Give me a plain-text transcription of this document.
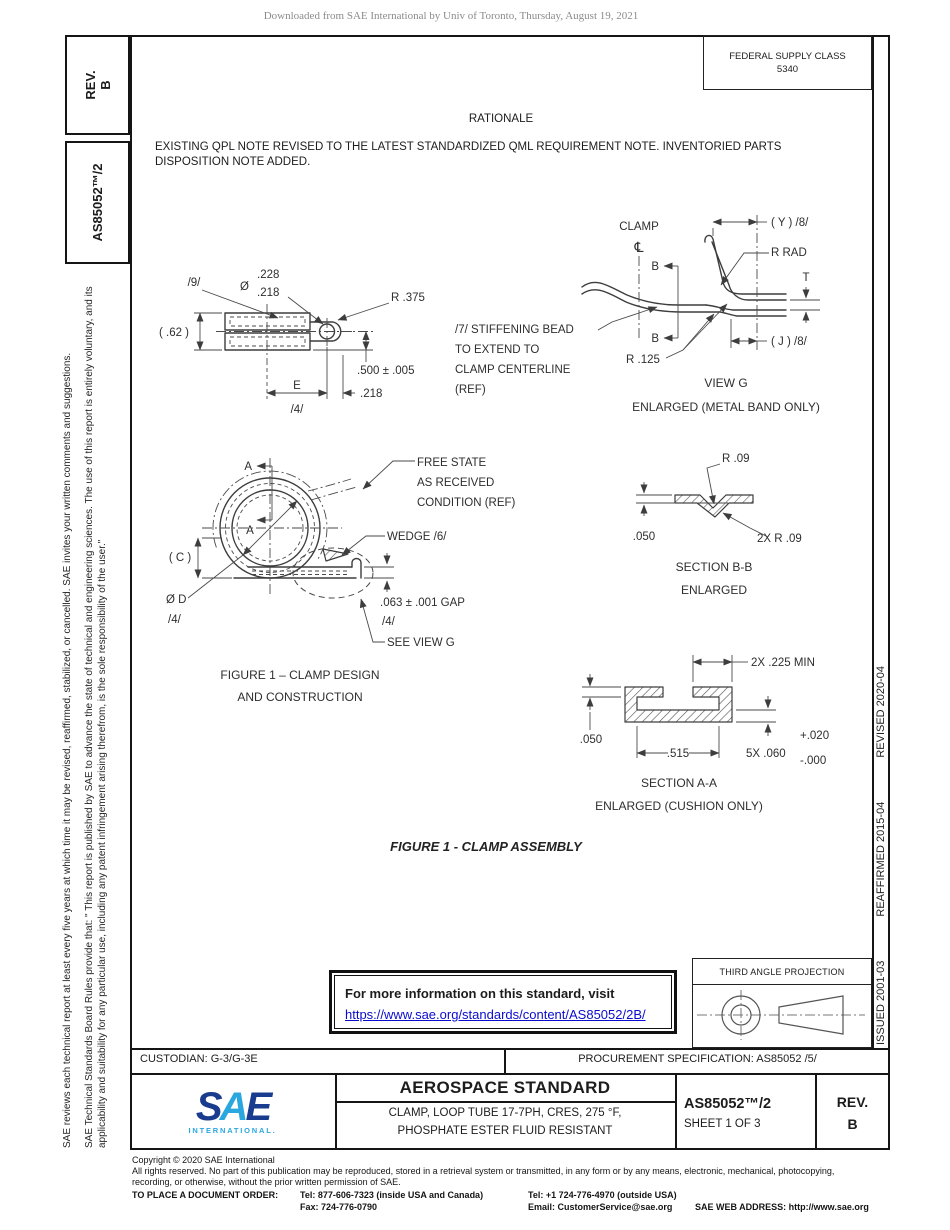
Downloaded from SAE International by Univ of Toronto, Thursday, August 19, 2021
REV. B
AS85052™/2
SAE Technical Standards Board Rules provide that: " This report is published by SAE to advance the state of technical and engineering sciences. The use of this report is entirely voluntary, and its applicability and suitability for any particular use, including any patent infringement arising therefrom, is the sole responsibility of the user."
SAE reviews each technical report at least every five years at which time it may be revised, reaffirmed, stabilized, or cancelled. SAE invites your written comments and suggestions.	ISSUED 2001-03
REAFFIRMED 2015-04
REVISED 2020-04
FEDERAL SUPPLY CLASS
5340
RATIONALE
EXISTING QPL NOTE REVISED TO THE LATEST STANDARDIZED QML REQUIREMENT NOTE. INVENTORIED PARTS DISPOSITION NOTE ADDED.
( .62 )
/9/	Ø
.228
.218	R .375
.500 ± .005
E
/4/
.218
/7/ STIFFENING BEAD
TO EXTEND TO
CLAMP CENTERLINE
(REF)
CLAMP
℄
B
B
( Y ) /8/
R RAD
T
( J ) /8/
R .125
VIEW G
ENLARGED (METAL BAND ONLY)
A
A
FREE STATE
AS RECEIVED
CONDITION (REF)
WEDGE /6/
( C )
Ø D
/4/
.063 ± .001 GAP
/4/
SEE VIEW G
FIGURE 1 – CLAMP DESIGN
AND CONSTRUCTION
.050
R .09
2X R .09
SECTION B-B
ENLARGED
2X .225 MIN
.050
.515	5X .060
+.020
-.000
SECTION A-A
ENLARGED (CUSHION ONLY)
FIGURE 1 - CLAMP ASSEMBLY
For more information on this standard, visit
https://www.sae.org/standards/content/AS85052/2B/
THIRD ANGLE PROJECTION
CUSTODIAN: G-3/G-3E	PROCUREMENT SPECIFICATION: AS85052 /5/
SAE
INTERNATIONAL.
AEROSPACE STANDARD
CLAMP, LOOP TUBE 17-7PH, CRES, 275 °F,
PHOSPHATE ESTER FLUID RESISTANT
AS85052™/2
SHEET 1 OF 3
REV.
B
Copyright © 2020 SAE International
All rights reserved. No part of this publication may be reproduced, stored in a retrieval system or transmitted, in any form or by any means, electronic, mechanical, photocopying, recording, or otherwise, without the prior written permission of SAE.
TO PLACE A DOCUMENT ORDER: Tel: 877-606-7323 (inside USA and Canada)	Tel: +1 724-776-4970 (outside USA)
Fax: 724-776-0790	Email: CustomerService@sae.org	SAE WEB ADDRESS: http://www.sae.org
